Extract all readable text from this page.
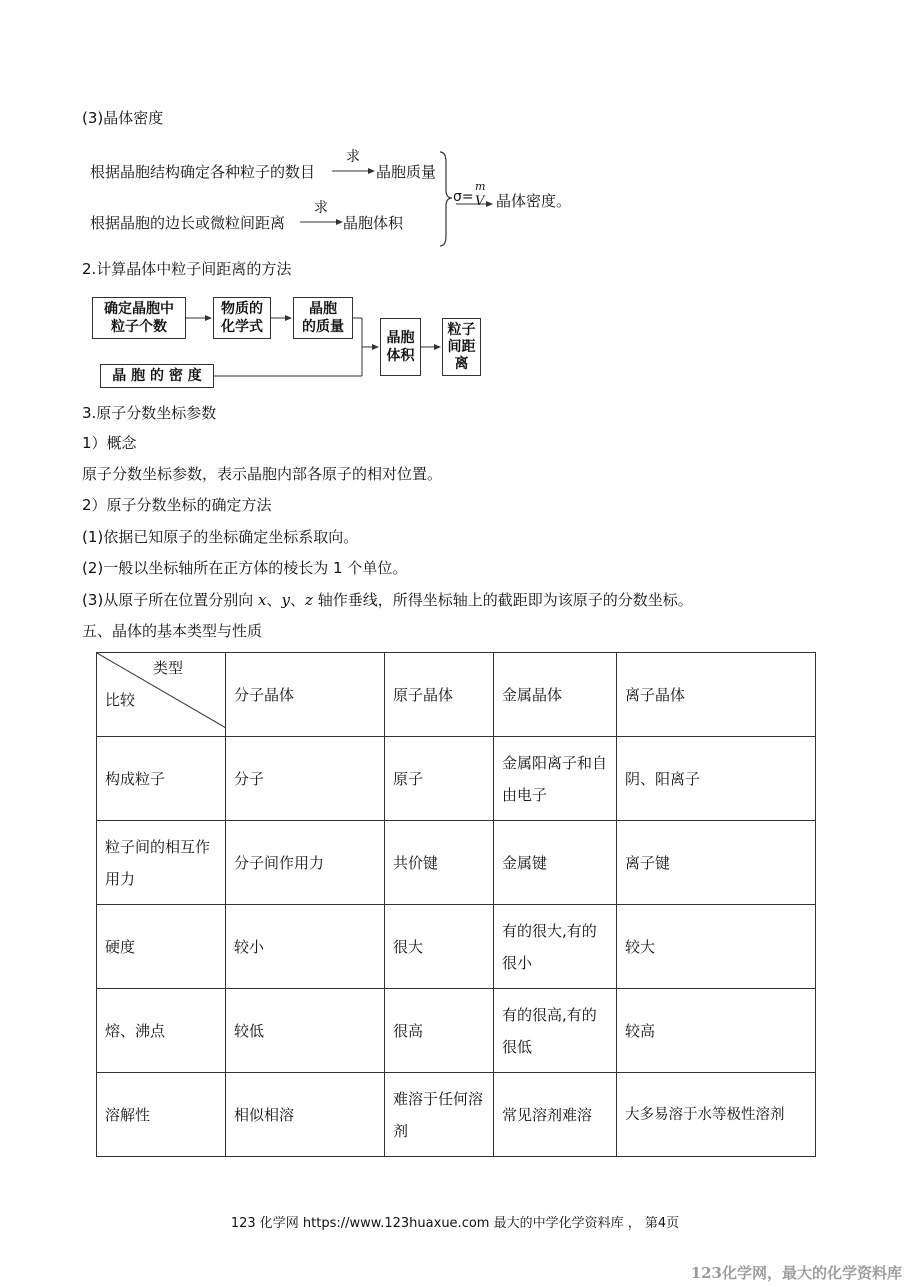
(3)晶体密度
根据晶胞结构确定各种粒子的数目
求
晶胞质量
根据晶胞的边长或微粒间距离
求
晶胞体积
σ=
m
V 晶体密度。
2.计算晶体中粒子间距离的方法
确定晶胞中
粒子个数
物质的
化学式
晶胞
的质量
晶胞
体积
粒子
间距
离
晶 胞 的 密 度
3.原子分数坐标参数
1）概念
原子分数坐标参数，表示晶胞内部各原子的相对位置。
2）原子分数坐标的确定方法
(1)依据已知原子的坐标确定坐标系取向。
(2)一般以坐标轴所在正方体的棱长为 1 个单位。
(3)从原子所在位置分别向 x、y、z 轴作垂线，所得坐标轴上的截距即为该原子的分数坐标。
五、晶体的基本类型与性质
类型
比较	分子晶体	原子晶体	金属晶体	离子晶体
构成粒子	分子	原子	金属阳离子和自由电子	阴、阳离子
粒子间的相互作用力	分子间作用力	共价键	金属键	离子键
硬度	较小	很大	有的很大,有的很小	较大
熔、沸点	较低	很高	有的很高,有的很低	较高
溶解性	相似相溶	难溶于任何溶剂	常见溶剂难溶	大多易溶于水等极性溶剂
123 化学网 https://www.123huaxue.com 最大的中学化学资料库 ， 第4页
123化学网，最大的化学资料库
